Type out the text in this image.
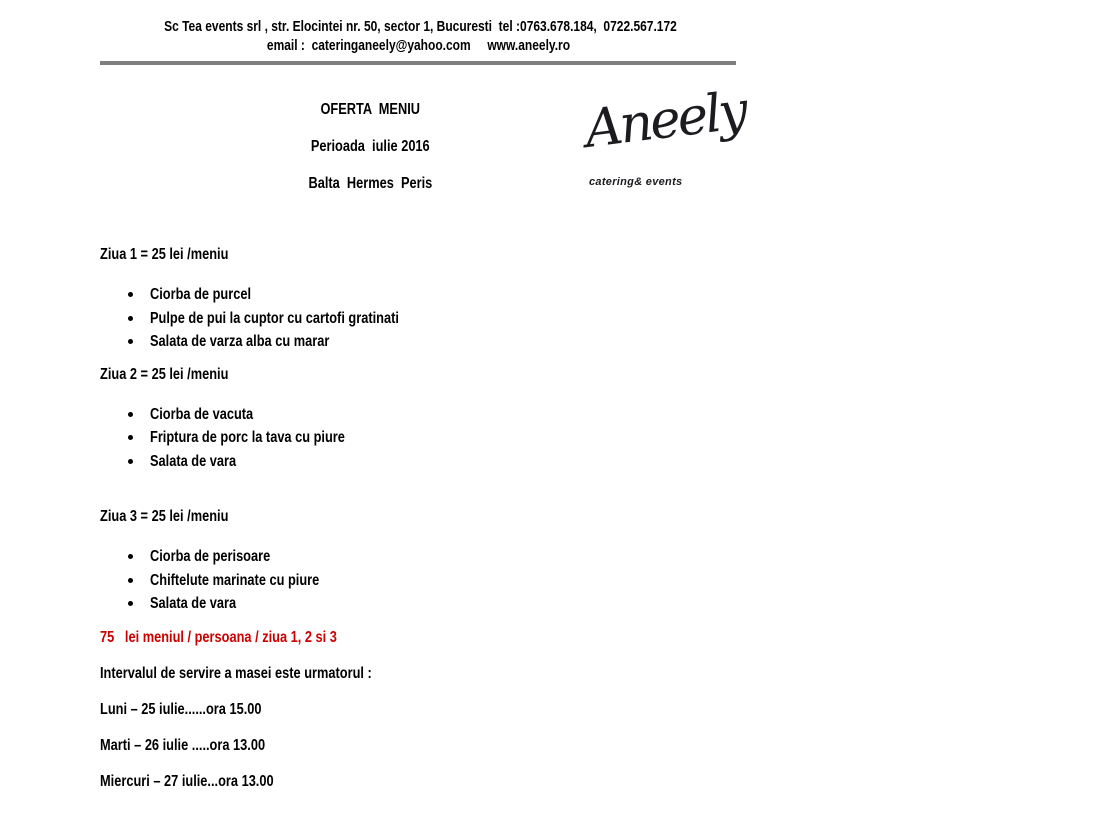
Sc Tea events srl , str. Elocintei nr. 50, sector 1, Bucuresti  tel :0763.678.184,  0722.567.172
email :  cateringaneely@yahoo.com     www.aneely.ro
OFERTA  MENIU
Perioada  iulie 2016
Balta  Hermes  Peris
Aneely
catering& events
Ziua 1 = 25 lei /meniu
Ciorba de purcel
Pulpe de pui la cuptor cu cartofi gratinati
Salata de varza alba cu marar
Ziua 2 = 25 lei /meniu
Ciorba de vacuta
Friptura de porc la tava cu piure
Salata de vara
Ziua 3 = 25 lei /meniu
Ciorba de perisoare
Chiftelute marinate cu piure
Salata de vara
75   lei meniul / persoana / ziua 1, 2 si 3
Intervalul de servire a masei este urmatorul :
Luni – 25 iulie......ora 15.00
Marti – 26 iulie .....ora 13.00
Miercuri – 27 iulie...ora 13.00
